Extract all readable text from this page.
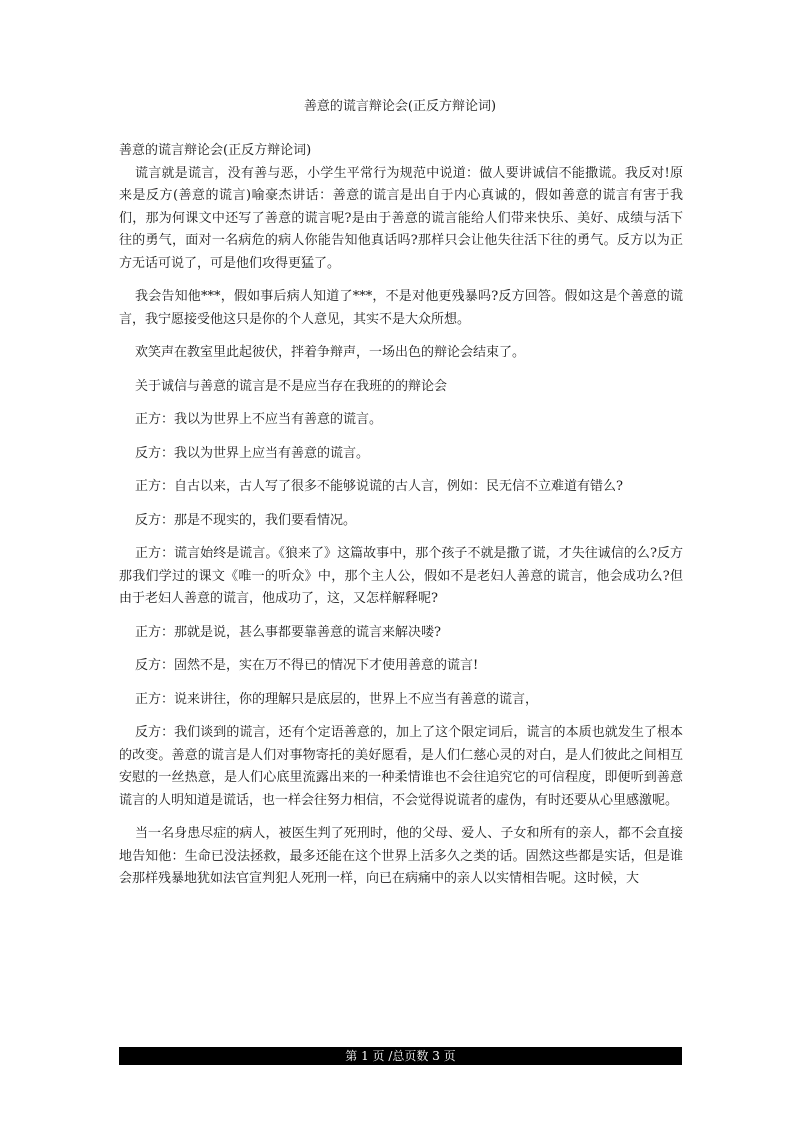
善意的谎言辩论会(正反方辩论词)

善意的谎言辩论会(正反方辩论词)

谎言就是谎言，没有善与恶，小学生平常行为规范中说道：做人要讲诚信不能撒谎。我反对!原来是反方(善意的谎言)喻豪杰讲话：善意的谎言是出自于内心真诚的，假如善意的谎言有害于我们，那为何课文中还写了善意的谎言呢?是由于善意的谎言能给人们带来快乐、美好、成绩与活下往的勇气，面对一名病危的病人你能告知他真话吗?那样只会让他失往活下往的勇气。反方以为正方无话可说了，可是他们攻得更猛了。

我会告知他***，假如事后病人知道了***，不是对他更残暴吗?反方回答。假如这是个善意的谎言，我宁愿接受他这只是你的个人意见，其实不是大众所想。

欢笑声在教室里此起彼伏，拌着争辩声，一场出色的辩论会结束了。

关于诚信与善意的谎言是不是应当存在我班的的辩论会

正方：我以为世界上不应当有善意的谎言。

反方：我以为世界上应当有善意的谎言。

正方：自古以来，古人写了很多不能够说谎的古人言，例如：民无信不立难道有错么?

反方：那是不现实的，我们要看情况。

正方：谎言始终是谎言。《狼来了》这篇故事中，那个孩子不就是撒了谎，才失往诚信的么?反方那我们学过的课文《唯一的听众》中，那个主人公，假如不是老妇人善意的谎言，他会成功么?但由于老妇人善意的谎言，他成功了，这，又怎样解释呢?

正方：那就是说，甚么事都要靠善意的谎言来解决喽?

反方：固然不是，实在万不得已的情况下才使用善意的谎言!

正方：说来讲往，你的理解只是底层的，世界上不应当有善意的谎言，

反方：我们谈到的谎言，还有个定语善意的，加上了这个限定词后，谎言的本质也就发生了根本的改变。善意的谎言是人们对事物寄托的美好愿看，是人们仁慈心灵的对白，是人们彼此之间相互安慰的一丝热意，是人们心底里流露出来的一种柔情谁也不会往追究它的可信程度，即便听到善意谎言的人明知道是谎话，也一样会往努力相信，不会觉得说谎者的虚伪，有时还要从心里感激呢。

当一名身患尽症的病人，被医生判了死刑时，他的父母、爱人、子女和所有的亲人，都不会直接地告知他：生命已没法拯救，最多还能在这个世界上活多久之类的话。固然这些都是实话，但是谁会那样残暴地犹如法官宣判犯人死刑一样，向已在病痛中的亲人以实情相告呢。这时候，大

第 1 页 /总页数 3 页
